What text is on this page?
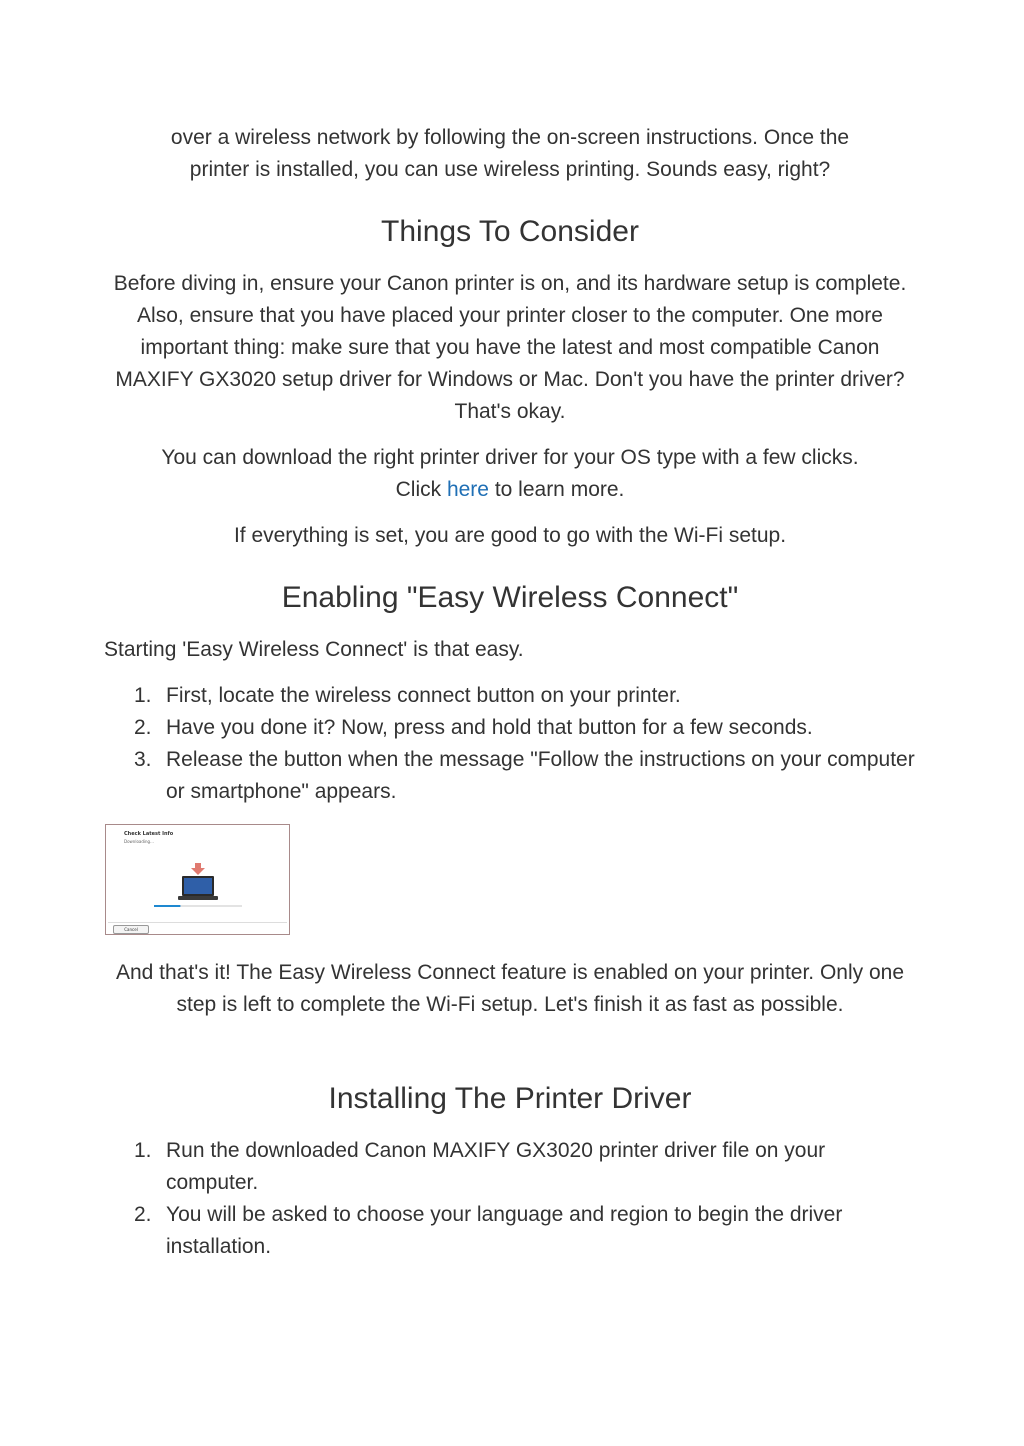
over a wireless network by following the on-screen instructions. Once the
printer is installed, you can use wireless printing. Sounds easy, right?

Things To Consider

Before diving in, ensure your Canon printer is on, and its hardware setup is complete. Also, ensure that you have placed your printer closer to the computer. One more important thing: make sure that you have the latest and most compatible Canon MAXIFY GX3020 setup driver for Windows or Mac. Don't you have the printer driver? That's okay.

You can download the right printer driver for your OS type with a few clicks.
Click here to learn more.

If everything is set, you are good to go with the Wi-Fi setup.

Enabling "Easy Wireless Connect"

Starting 'Easy Wireless Connect' is that easy.

1. First, locate the wireless connect button on your printer.
2. Have you done it? Now, press and hold that button for a few seconds.
3. Release the button when the message "Follow the instructions on your computer or smartphone" appears.
Check Latest Info
Downloading...
Cancel

And that's it! The Easy Wireless Connect feature is enabled on your printer. Only one step is left to complete the Wi-Fi setup. Let's finish it as fast as possible.

Installing The Printer Driver
1. Run the downloaded Canon MAXIFY GX3020 printer driver file on your computer.
2. You will be asked to choose your language and region to begin the driver installation.
